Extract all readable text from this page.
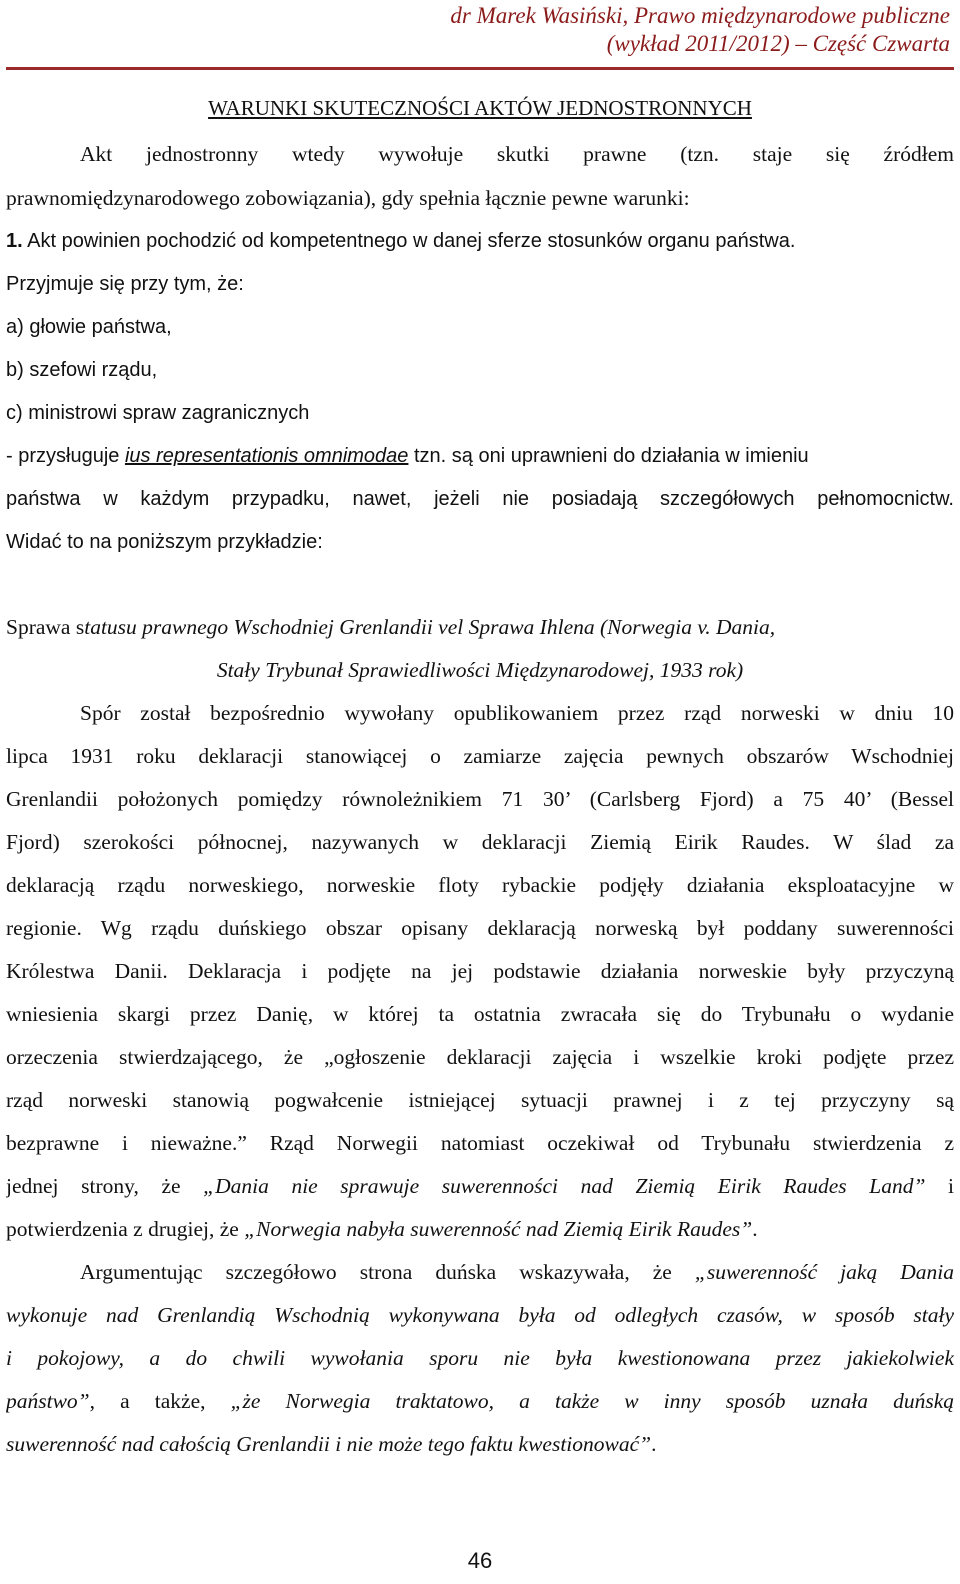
dr Marek Wasiński, Prawo międzynarodowe publiczne
(wykład 2011/2012) – Część Czwarta
WARUNKI SKUTECZNOŚCI AKTÓW JEDNOSTRONNYCH
Akt jednostronny wtedy wywołuje skutki prawne (tzn. staje się źródłem
prawnomiędzynarodowego zobowiązania), gdy spełnia łącznie pewne warunki:
1. Akt powinien pochodzić od kompetentnego w danej sferze stosunków organu państwa.
Przyjmuje się przy tym, że:
a) głowie państwa,
b) szefowi rządu,
c) ministrowi spraw zagranicznych
- przysługuje ius representationis omnimodae tzn. są oni uprawnieni do działania w imieniu
państwa w każdym przypadku, nawet, jeżeli nie posiadają szczegółowych pełnomocnictw.
Widać to na poniższym przykładzie:
Sprawa statusu prawnego Wschodniej Grenlandii vel Sprawa Ihlena (Norwegia v. Dania,
Stały Trybunał Sprawiedliwości Międzynarodowej, 1933 rok)
Spór został bezpośrednio wywołany opublikowaniem przez rząd norweski w dniu 10
lipca 1931 roku deklaracji stanowiącej o zamiarze zajęcia pewnych obszarów Wschodniej
Grenlandii położonych pomiędzy równoleżnikiem 71 30’ (Carlsberg Fjord) a 75 40’ (Bessel
Fjord) szerokości północnej, nazywanych w deklaracji Ziemią Eirik Raudes. W ślad za
deklaracją rządu norweskiego, norweskie floty rybackie podjęły działania eksploatacyjne w
regionie. Wg rządu duńskiego obszar opisany deklaracją norweską był poddany suwerenności
Królestwa Danii. Deklaracja i podjęte na jej podstawie działania norweskie były przyczyną
wniesienia skargi przez Danię, w której ta ostatnia zwracała się do Trybunału o wydanie
orzeczenia stwierdzającego, że „ogłoszenie deklaracji zajęcia i wszelkie kroki podjęte przez
rząd norweski stanowią pogwałcenie istniejącej sytuacji prawnej i z tej przyczyny są
bezprawne i nieważne.” Rząd Norwegii natomiast oczekiwał od Trybunału stwierdzenia z
jednej strony, że „Dania nie sprawuje suwerenności nad Ziemią Eirik Raudes Land” i
potwierdzenia z drugiej, że „Norwegia nabyła suwerenność nad Ziemią Eirik Raudes”.
Argumentując szczegółowo strona duńska wskazywała, że „suwerenność jaką Dania
wykonuje nad Grenlandią Wschodnią wykonywana była od odległych czasów, w sposób stały
i pokojowy, a do chwili wywołania sporu nie była kwestionowana przez jakiekolwiek
państwo”, a także, „że Norwegia traktatowo, a także w inny sposób uznała duńską
suwerenność nad całością Grenlandii i nie może tego faktu kwestionować”.
46
